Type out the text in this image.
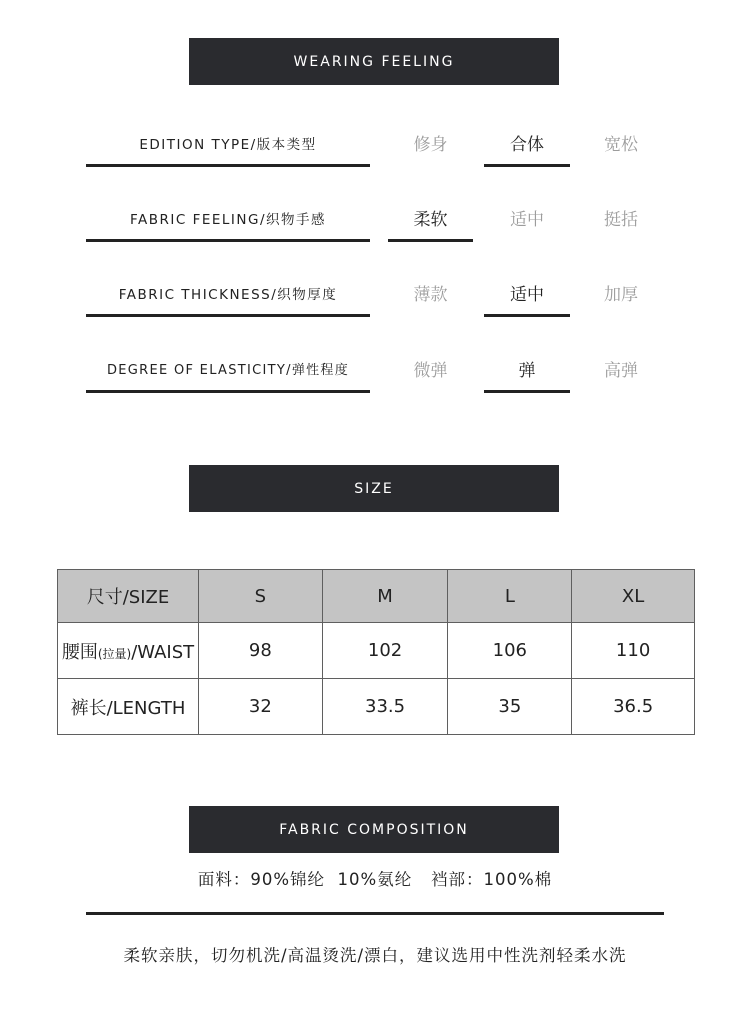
WEARING FEELING
EDITION TYPE/版本类型	修身	合体	宽松
FABRIC FEELING/织物手感	柔软	适中	挺括
FABRIC THICKNESS/织物厚度	薄款	适中	加厚
DEGREE OF ELASTICITY/弹性程度	微弹	弹	高弹
SIZE
尺寸/SIZE	S	M	L	XL
腰围(拉量)/WAIST	98	102	106	110
裤长/LENGTH	32	33.5	35	36.5
FABRIC COMPOSITION
面料：90%锦纶  10%氨纶   裆部：100%棉
柔软亲肤，切勿机洗/高温烫洗/漂白，建议选用中性洗剂轻柔水洗
